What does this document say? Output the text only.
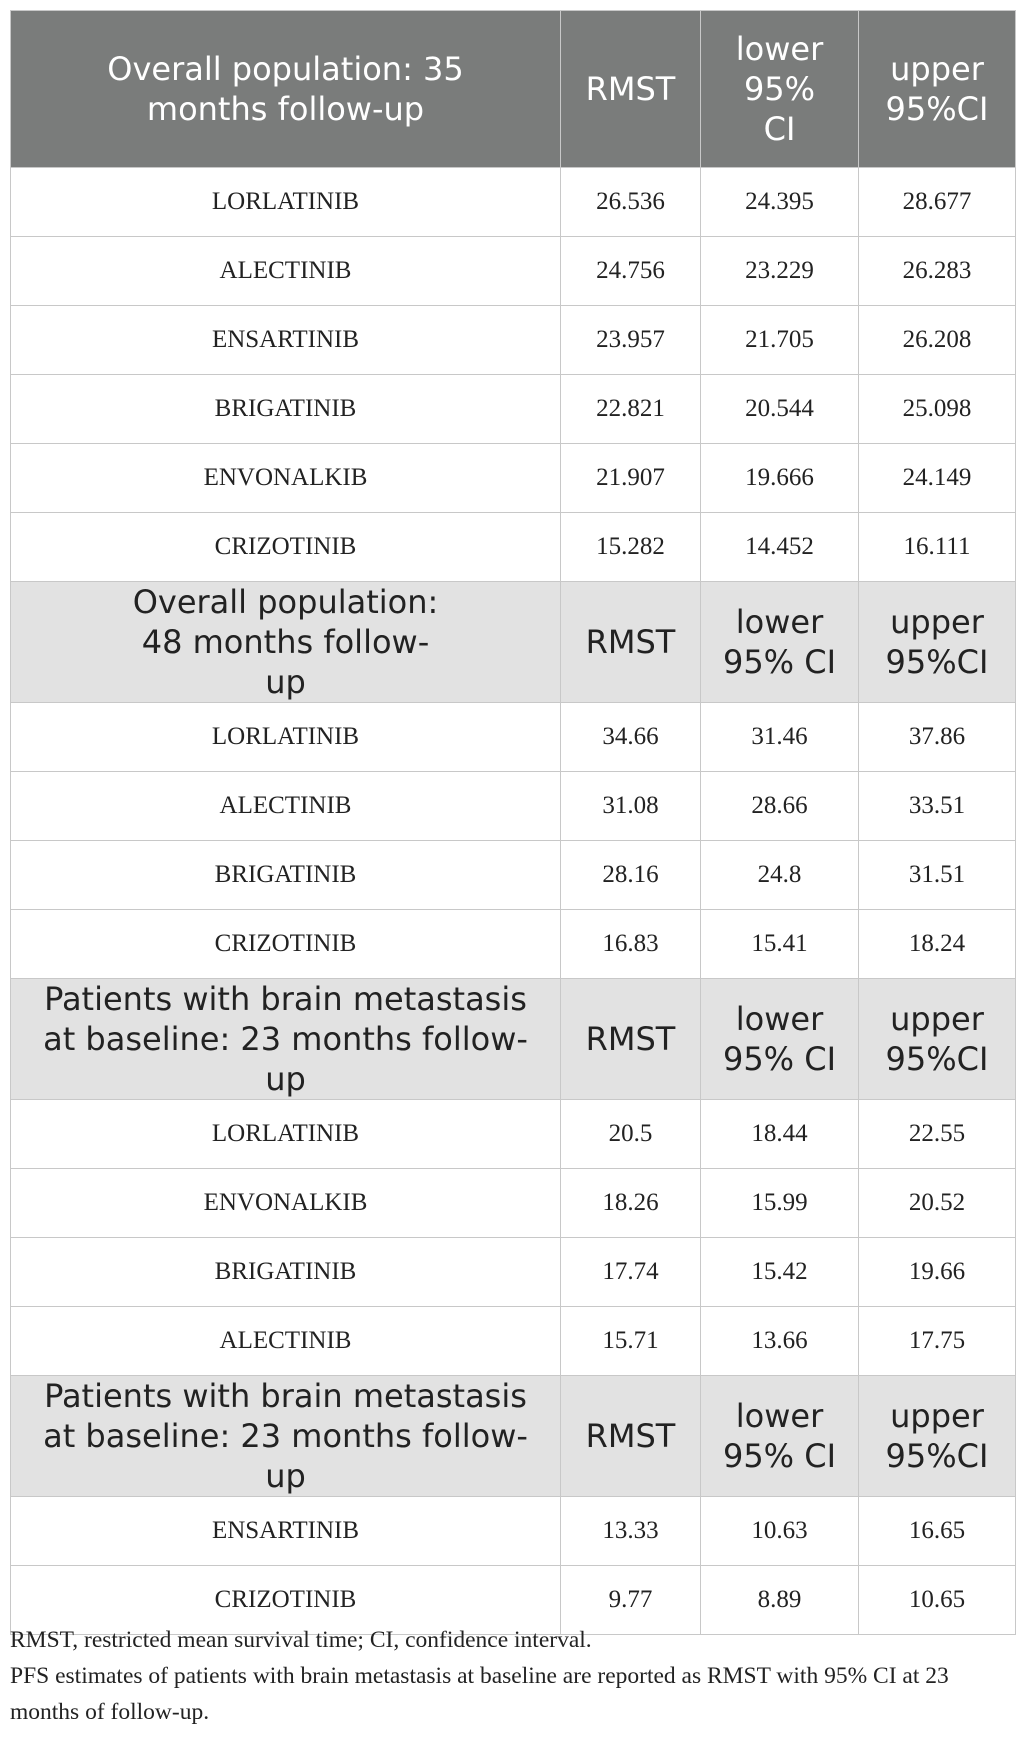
Overall population: 35 months follow-up	RMST	lower 95% CI	upper 95%CI
LORLATINIB	26.536	24.395	28.677
ALECTINIB	24.756	23.229	26.283
ENSARTINIB	23.957	21.705	26.208
BRIGATINIB	22.821	20.544	25.098
ENVONALKIB	21.907	19.666	24.149
CRIZOTINIB	15.282	14.452	16.111
Overall population: 48 months follow-up	RMST	lower 95% CI	upper 95%CI
LORLATINIB	34.66	31.46	37.86
ALECTINIB	31.08	28.66	33.51
BRIGATINIB	28.16	24.8	31.51
CRIZOTINIB	16.83	15.41	18.24
Patients with brain metastasis at baseline: 23 months follow-up	RMST	lower 95% CI	upper 95%CI
LORLATINIB	20.5	18.44	22.55
ENVONALKIB	18.26	15.99	20.52
BRIGATINIB	17.74	15.42	19.66
ALECTINIB	15.71	13.66	17.75
Patients with brain metastasis at baseline: 23 months follow-up	RMST	lower 95% CI	upper 95%CI
ENSARTINIB	13.33	10.63	16.65
CRIZOTINIB	9.77	8.89	10.65

RMST, restricted mean survival time; CI, confidence interval.

PFS estimates of patients with brain metastasis at baseline are reported as RMST with 95% CI at 23 months of follow-up.
